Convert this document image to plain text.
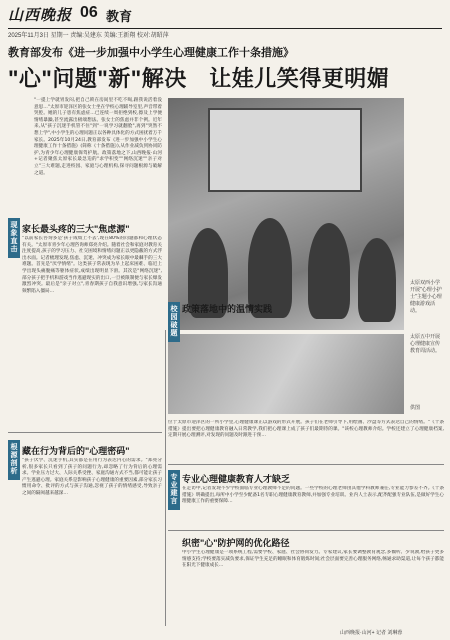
山西晚报 06 教育
2025年11月3日 星期一 责编:吴建东 美编:王新翔 校对:胡昭萍
教育部发布《进一步加强中小学生心理健康工作十条措施》
"心"问题"新"解决　让娃儿笑得更明媚
"一提上学就胃发闷,把自己锁在房间里不吃不喝,跟我说活着没意思…"太原市迎泽区的张女士坐在学校心理辅导室里,声音带着哭腔。她的儿子患有焦虑症…已连续一周拒绝到校,擦及上学便情绪暴躁,甚至流露出极端想法。张女士的焦虑并非个例。近年来,从"孩子沉迷手机管不住"到"一说学习就翻脸",再到"突然不想上学",中小学生的心理问题正以各种具体化的方式困扰着万千家长。2025年10月24日,教育部发布《进一步加强中小学生心理健康工作十条措施》(简称《十条措施》),从作业减负到协同防护,为青少年心理健康保驾护航。政策落地之下,山西晚报·山河+记者聚焦太原家长最急迫的"求学积变""网络沉迷""亲子对立"三大难题,走进校园、家庭与心理机构,探寻问题根源与破解之道。
太原双西小学开展"心理小护士"主题小心理健康游戏活动。
太原五中开展心理健康宣传教育周活动。
供图
现象直击
家长最头疼的三大"焦虑源"
"以前家长咨询多是'孩子成绩上不去',现在80%的问题都和心理状态有关。"太原市青少年心理咨询师郑亮介绍。随着社会和家庭对教育关注度提高,孩子的学习压力、社交困境和情绪问题正以更隐蔽的方式浮出水面。记者梳理发现,焦虑、沉迷、冲突成为家长眼中最棘手的三大难题。首先是"厌学情绪"。这类孩子常表现为早上起床困难、临近上学出现头痛腹痛等躯体症状,成绩出现明显下滑。其次是"网络沉迷",部分孩子把手机和游戏当作逃避现实的出口,一旦被限制便与家长爆发激烈冲突。最后是"亲子对立",青春期孩子自我意识增强,与家长沟通频繁陷入僵局…
根源剖析
藏在行为背后的"心理密码"
"孩子厌学、沉迷手机,其实都是在用行为表达内心的需求。"郑亮分析,很多家长只看到了孩子的问题行为,却忽略了行为背后的心理需求。学业压力过大、人际关系受挫、家庭沟通方式不当,都可能让孩子产生逃避心理。家庭关系是影响孩子心理健康的重要因素,部分家长习惯用命令、批评的方式与孩子沟通,忽视了孩子的情绪感受,导致亲子之间的隔阂越来越深…
校园破题
政策落地中的温情实践
位于太原市迎泽区的一所小学里,心理健康课正以游戏的形式开展。孩子们在老师引导下,用绘画、沙盘等方式表达自己的情绪。"《十条措施》提出要把心理健康教育融入日常教学,我们把心理课上成了孩子们最期待的课。"该校心理教师介绍。学校还建立了心理健康档案,定期开展心理测评,对发现的问题及时跟进干预…
专业建言
专业心理健康教育人才缺乏
在走访中,记者发现不少学校面临专业心理教师不足的问题。一些学校的心理老师由其他学科教师兼任,专业能力参差不齐。《十条措施》明确提出,每所中小学至少配备1名专职心理健康教育教师,并加强专业培训。业内人士表示,配齐配强专业队伍,是做好学生心理健康工作的重要保障…
织密"心"防护网的优化路径
中小学生心理健康是一项系统工程,需要学校、家庭、社会协同发力。专家建议,家长要调整教育观念,多倾听、少说教,给孩子更多情感支持;学校要落实减负要求,保证学生充足的睡眠和体育锻炼时间;社会层面要完善心理服务网络,畅通求助渠道,让每个孩子都能在阳光下健康成长…
山西晚报·山河+ 记者 刘琳蓉
